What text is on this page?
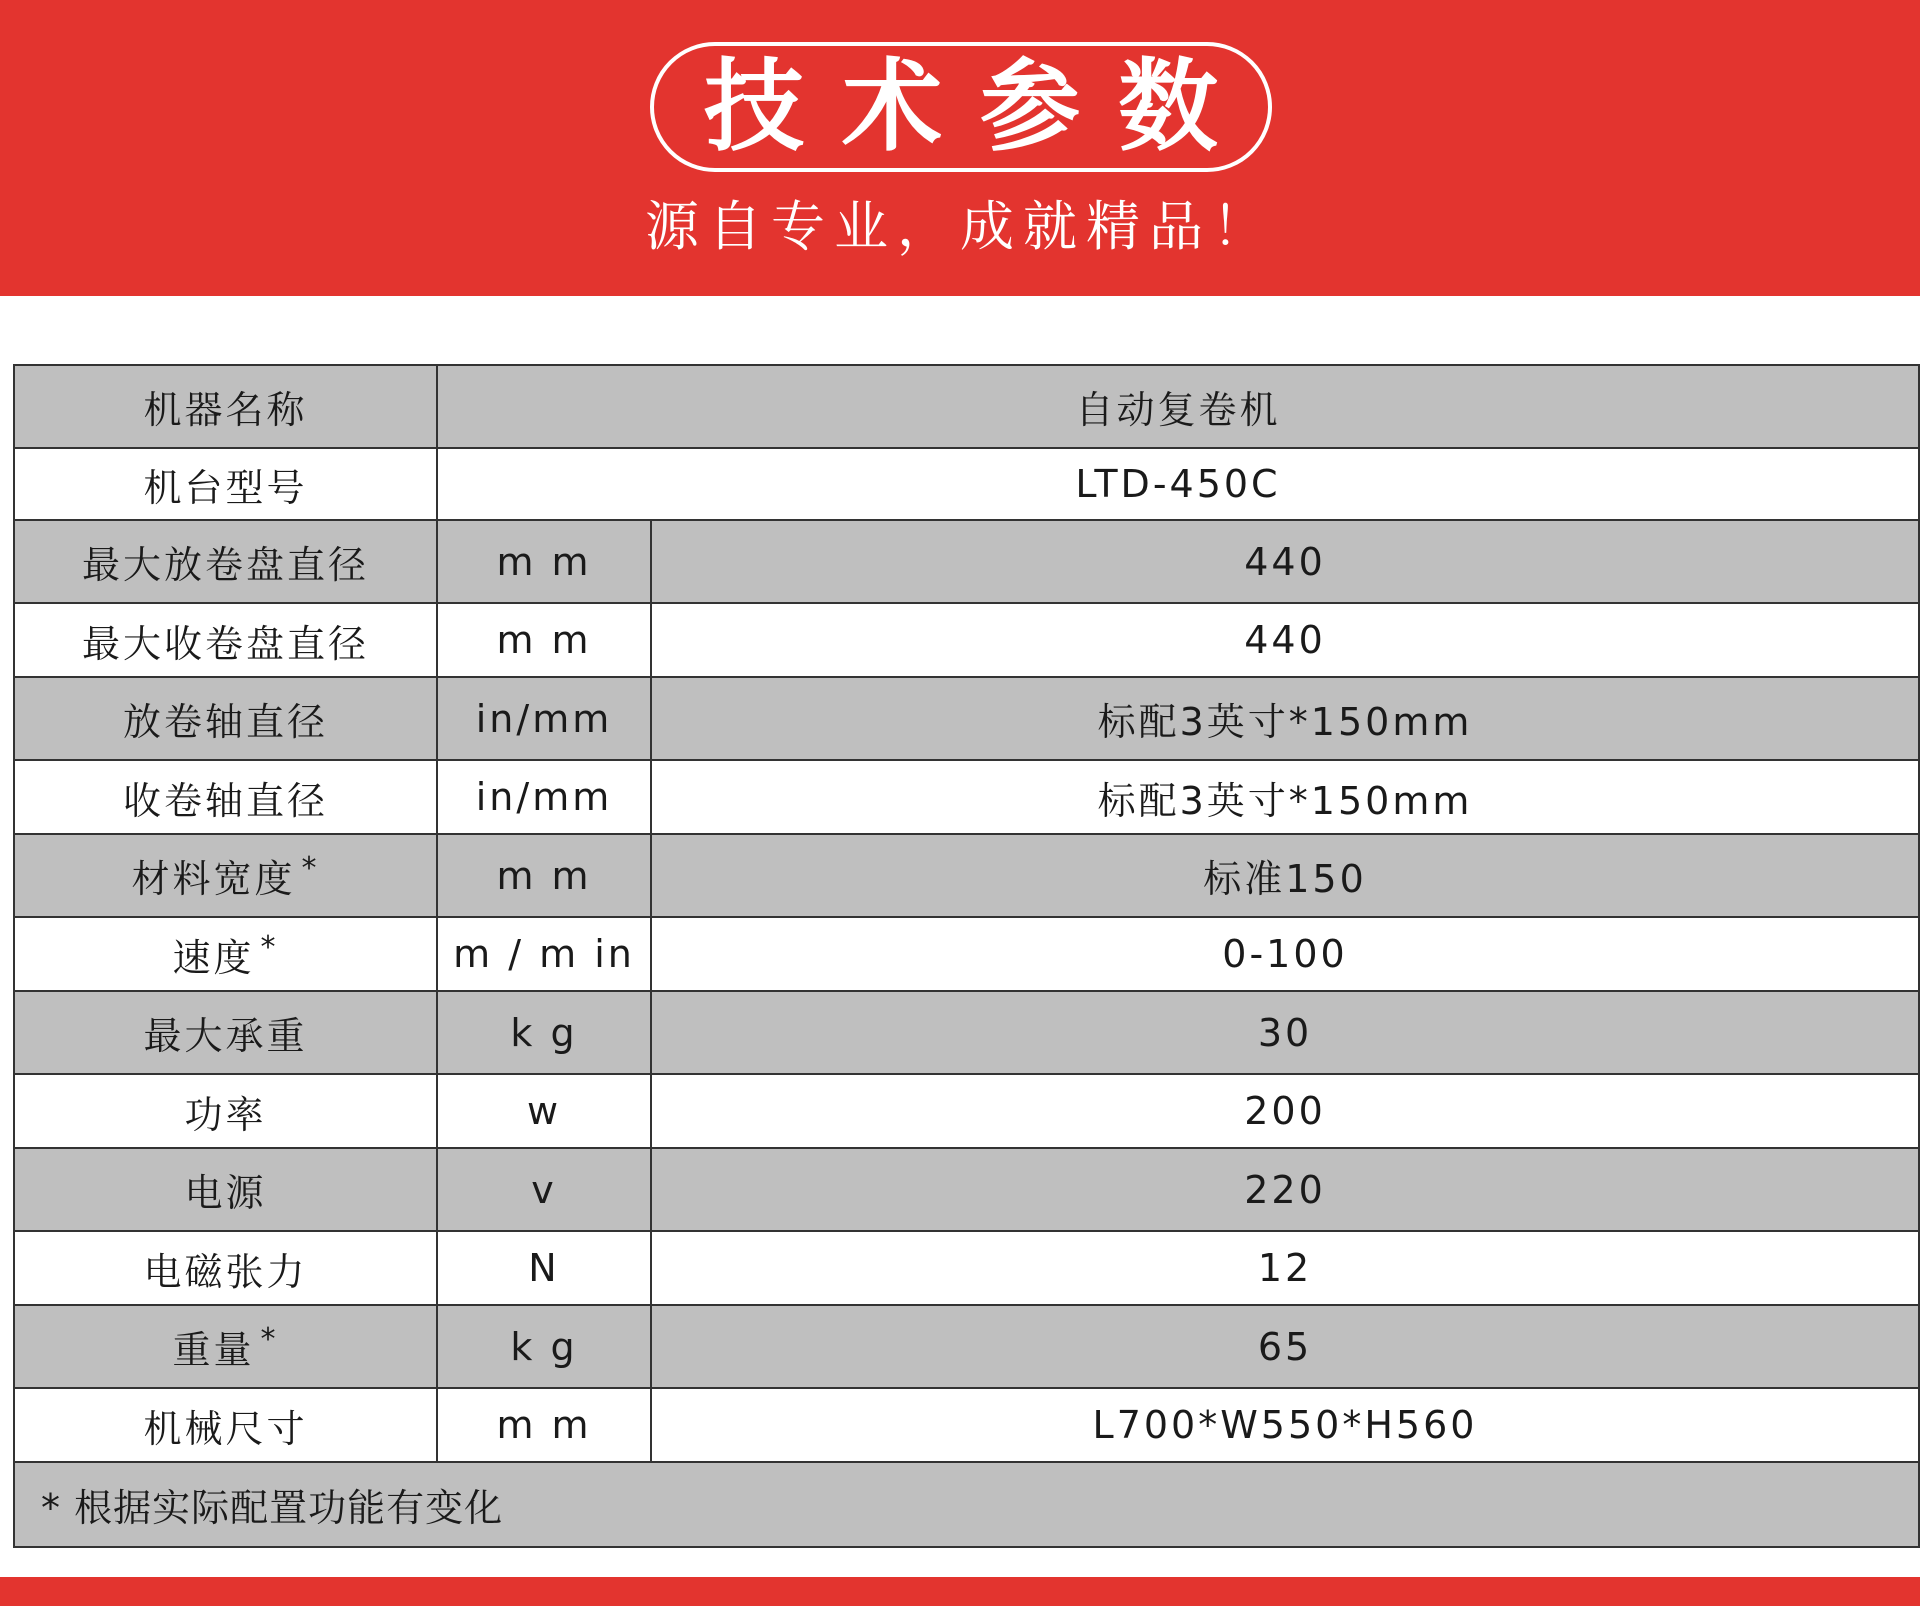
技术参数
源自专业，成就精品！
机器名称	自动复卷机	
机台型号	LTD-450C	
最大放卷盘直径	m m	440
最大收卷盘直径	m m	440
放卷轴直径	in/mm	标配3英寸*150mm
收卷轴直径	in/mm	标配3英寸*150mm
材料宽度 *	m m	标准150
速度 *	m / m in	0-100
最大承重	k g	30
功率	w	200
电源	v	220
电磁张力	N	12
重量 *	k g	65
机械尺寸	m m	L700*W550*H560
* 根据实际配置功能有变化		
